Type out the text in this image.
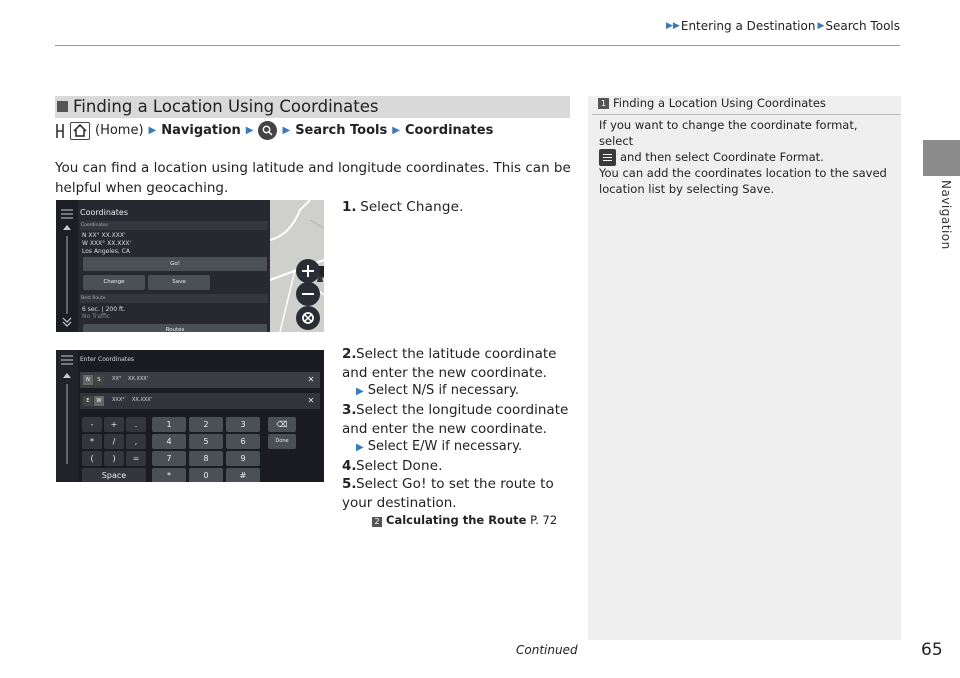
▶▶ Entering a Destination ▶ Search Tools
Navigation
Finding a Location Using Coordinates
(Home) ▶ Navigation ▶	▶ Search Tools ▶ Coordinates
You can find a location using latitude and longitude coordinates. This can be helpful when geocaching.
1. Select Change.
Coordinates
N XX° XX.XXX'
W XXX° XX.XXX'
Los Angeles, CA
Go!
Change	Save
Best Route
6 sec. | 200 ft.
No Traffic
Routes
Coordinates
2.Select the latitude coordinate and enter the new coordinate.
▶ Select N/S if necessary.
3.Select the longitude coordinate and enter the new coordinate.
▶ Select E/W if necessary.
4.Select Done.
5.Select Go! to set the route to your destination.
2 Calculating the Route P. 72
Enter Coordinates
N	S	XX° XX.XXX'	✕
E	W	XXX° XX.XXX'	✕
-	+	.
*	/	,
(	)	=
Space
1	2	3
4	5	6
7	8	9
*	0	#
⌫
Done
1 Finding a Location Using Coordinates
If you want to change the coordinate format, select

and then select Coordinate Format.
You can add the coordinates location to the saved location list by selecting Save.
Continued	65
